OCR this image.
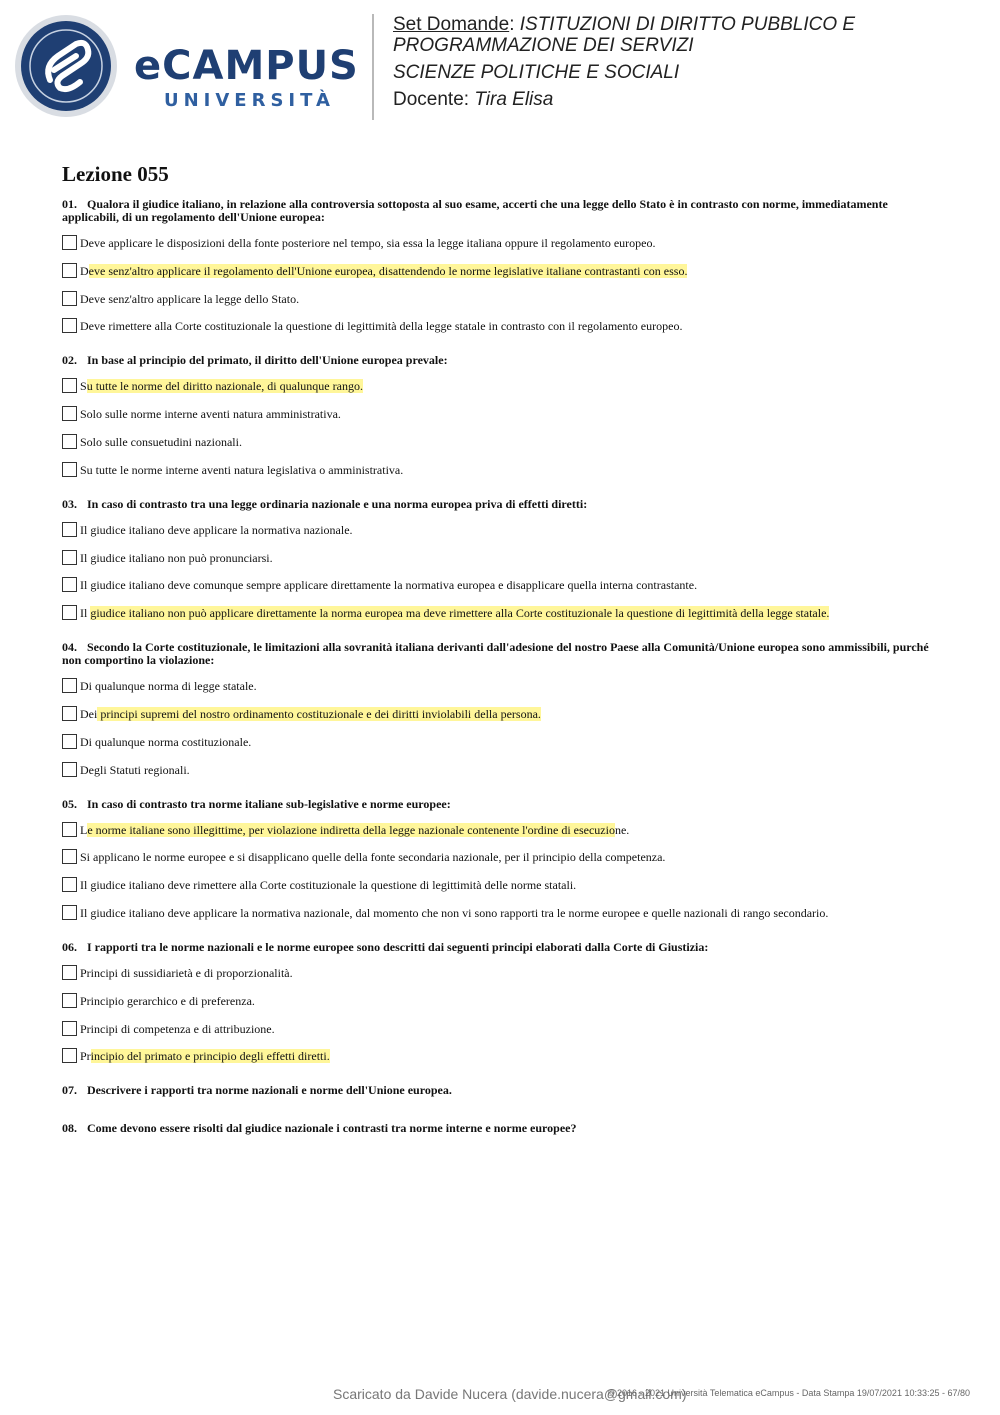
eCAMPUS
UNIVERSITÀ

Set Domande: ISTITUZIONI DI DIRITTO PUBBLICO E

PROGRAMMAZIONE DEI SERVIZI

SCIENZE POLITICHE E SOCIALI

Docente: Tira Elisa

Lezione 055

01. Qualora il giudice italiano, in relazione alla controversia sottoposta al suo esame, accerti che una legge dello Stato è in contrasto con norme, immediatamente applicabili, di un regolamento dell'Unione europea:

Deve applicare le disposizioni della fonte posteriore nel tempo, sia essa la legge italiana oppure il regolamento europeo.
Deve senz'altro applicare il regolamento dell'Unione europea, disattendendo le norme legislative italiane contrastanti con esso.
Deve senz'altro applicare la legge dello Stato.
Deve rimettere alla Corte costituzionale la questione di legittimità della legge statale in contrasto con il regolamento europeo.

02. In base al principio del primato, il diritto dell'Unione europea prevale:

Su tutte le norme del diritto nazionale, di qualunque rango.
Solo sulle norme interne aventi natura amministrativa.
Solo sulle consuetudini nazionali.
Su tutte le norme interne aventi natura legislativa o amministrativa.

03. In caso di contrasto tra una legge ordinaria nazionale e una norma europea priva di effetti diretti:

Il giudice italiano deve applicare la normativa nazionale.
Il giudice italiano non può pronunciarsi.
Il giudice italiano deve comunque sempre applicare direttamente la normativa europea e disapplicare quella interna contrastante.
Il giudice italiano non può applicare direttamente la norma europea ma deve rimettere alla Corte costituzionale la questione di legittimità della legge statale.

04. Secondo la Corte costituzionale, le limitazioni alla sovranità italiana derivanti dall'adesione del nostro Paese alla Comunità/Unione europea sono ammissibili, purché non comportino la violazione:

Di qualunque norma di legge statale.
Dei principi supremi del nostro ordinamento costituzionale e dei diritti inviolabili della persona.
Di qualunque norma costituzionale.
Degli Statuti regionali.

05. In caso di contrasto tra norme italiane sub-legislative e norme europee:

Le norme italiane sono illegittime, per violazione indiretta della legge nazionale contenente l'ordine di esecuzione.
Si applicano le norme europee e si disapplicano quelle della fonte secondaria nazionale, per il principio della competenza.
Il giudice italiano deve rimettere alla Corte costituzionale la questione di legittimità delle norme statali.
Il giudice italiano deve applicare la normativa nazionale, dal momento che non vi sono rapporti tra le norme europee e quelle nazionali di rango secondario.

06. I rapporti tra le norme nazionali e le norme europee sono descritti dai seguenti principi elaborati dalla Corte di Giustizia:

Principi di sussidiarietà e di proporzionalità.
Principio gerarchico e di preferenza.
Principi di competenza e di attribuzione.
Principio del primato e principio degli effetti diretti.

07. Descrivere i rapporti tra norme nazionali e norme dell'Unione europea.

08. Come devono essere risolti dal giudice nazionale i contrasti tra norme interne e norme europee?

Scaricato da Davide Nucera (davide.nucera@gmail.com)
© 2016 - 2021 Università Telematica eCampus - Data Stampa 19/07/2021 10:33:25 - 67/80
